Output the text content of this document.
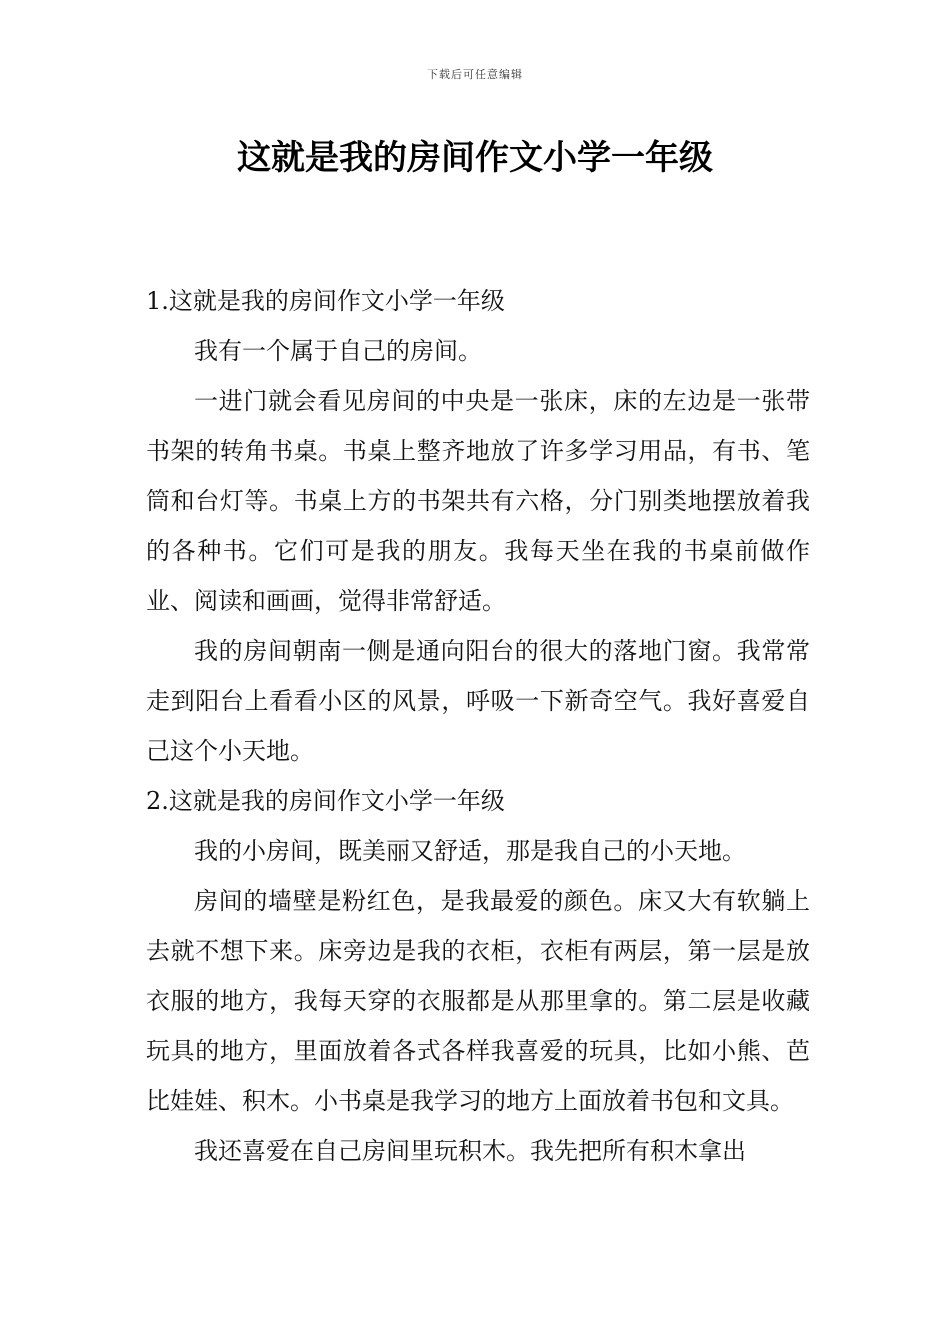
下载后可任意编辑
这就是我的房间作文小学一年级

1.这就是我的房间作文小学一年级

我有一个属于自己的房间。

一进门就会看见房间的中央是一张床，床的左边是一张带书架的转角书桌。书桌上整齐地放了许多学习用品，有书、笔筒和台灯等。书桌上方的书架共有六格，分门别类地摆放着我的各种书。它们可是我的朋友。我每天坐在我的书桌前做作业、阅读和画画，觉得非常舒适。

我的房间朝南一侧是通向阳台的很大的落地门窗。我常常走到阳台上看看小区的风景，呼吸一下新奇空气。我好喜爱自己这个小天地。

2.这就是我的房间作文小学一年级

我的小房间，既美丽又舒适，那是我自己的小天地。

房间的墙壁是粉红色，是我最爱的颜色。床又大有软躺上去就不想下来。床旁边是我的衣柜，衣柜有两层，第一层是放衣服的地方，我每天穿的衣服都是从那里拿的。第二层是收藏玩具的地方，里面放着各式各样我喜爱的玩具，比如小熊、芭比娃娃、积木。小书桌是我学习的地方上面放着书包和文具。

我还喜爱在自己房间里玩积木。我先把所有积木拿出
